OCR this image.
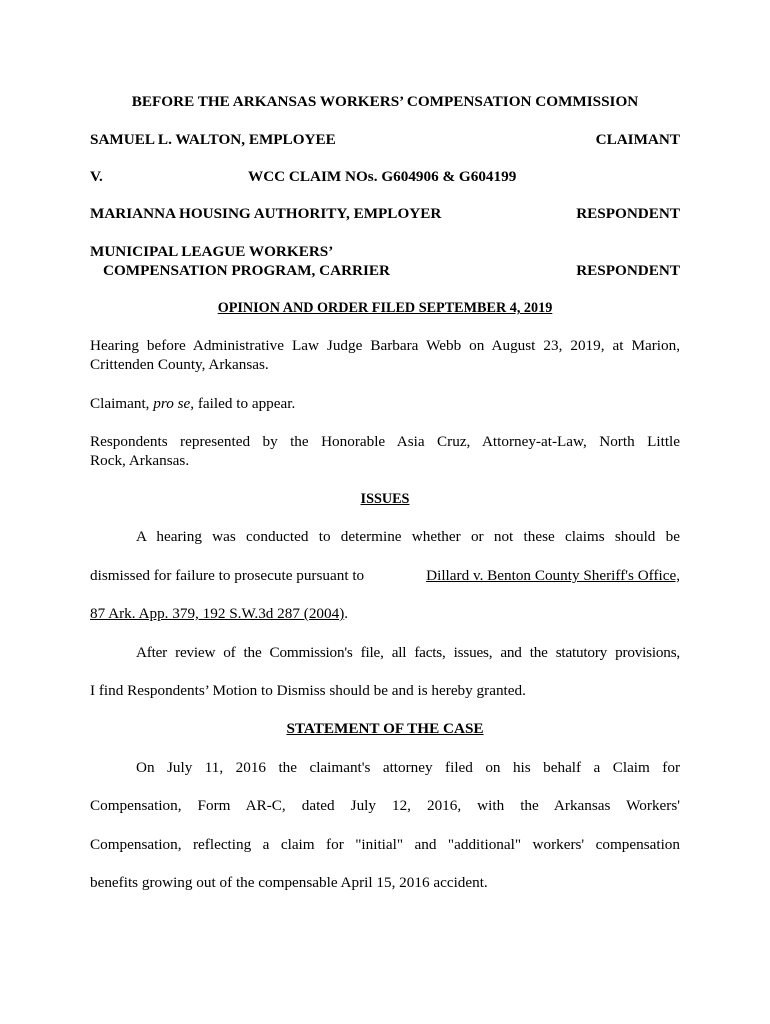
BEFORE THE ARKANSAS WORKERS’ COMPENSATION COMMISSION
SAMUEL L. WALTON, EMPLOYEE	CLAIMANT
V.	WCC CLAIM NOs. G604906 & G604199
MARIANNA HOUSING AUTHORITY, EMPLOYER	RESPONDENT
MUNICIPAL LEAGUE WORKERS’
COMPENSATION PROGRAM, CARRIER	RESPONDENT
OPINION AND ORDER FILED SEPTEMBER 4, 2019
Hearing before Administrative Law Judge Barbara Webb on August 23, 2019, at Marion,
Crittenden County, Arkansas.
Claimant, pro se, failed to appear.
Respondents represented by the Honorable Asia Cruz, Attorney-at-Law, North Little
Rock, Arkansas.
ISSUES
A hearing was conducted to determine whether or not these claims should be
dismissed for failure to prosecute pursuant to	Dillard v. Benton County Sheriff's Office,
87 Ark. App. 379, 192 S.W.3d 287 (2004).
After review of the Commission's file, all facts, issues, and the statutory provisions,
I find Respondents’ Motion to Dismiss should be and is hereby granted.
STATEMENT OF THE CASE
On July 11, 2016 the claimant's attorney filed on his behalf a Claim for
Compensation, Form AR-C, dated July 12, 2016, with the Arkansas Workers'
Compensation, reflecting a claim for "initial" and "additional" workers' compensation
benefits growing out of the compensable April 15, 2016 accident.
